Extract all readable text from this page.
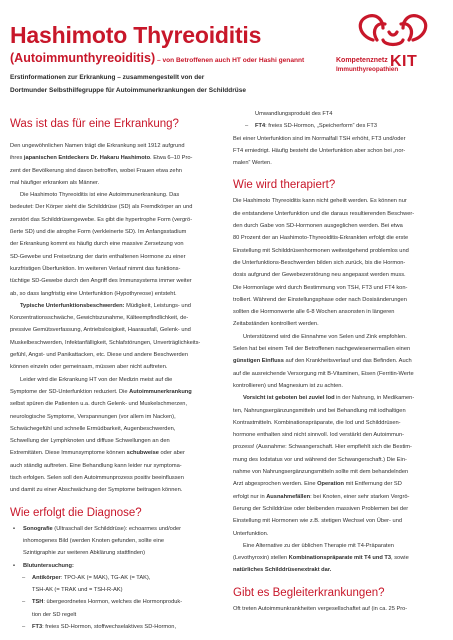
Hashimoto Thyreoiditis
(Autoimmunthyreoiditis) – von Betroffenen auch HT oder Hashi genannt
Erstinformationen zur Erkrankung – zusammengestellt von der
Dortmunder Selbsthilfegruppe für Autoimmunerkrankungen der Schilddrüse
KIT
Kompetenznetz
Immunthyreopathien
Was ist das für eine Erkrankung?
Den ungewöhnlichen Namen trägt die Erkrankung seit 1912 aufgrund
ihres japanischen Entdeckers Dr. Hakaru Hashimoto. Etwa 6–10 Pro-
zent der Bevölkerung sind davon betroffen, wobei Frauen etwa zehn
mal häufiger erkranken als Männer.
Die Hashimoto Thyreoiditis ist eine Autoimmunerkrankung. Das
bedeutet: Der Körper sieht die Schilddrüse (SD) als Fremdkörper an und
zerstört das Schilddrüsengewebe. Es gibt die hypertrophe Form (vergrö-
ßerte SD) und die atrophe Form (verkleinerte SD). Im Anfangsstadium
der Erkrankung kommt es häufig durch eine massive Zersetzung von
SD-Gewebe und Freisetzung der darin enthaltenen Hormone zu einer
kurzfristigen Überfunktion. Im weiteren Verlauf nimmt das funktions-
tüchtige SD-Gewebe durch den Angriff des Immunsystems immer weiter
ab, so dass langfristig eine Unterfunktion (Hypothyreose) entsteht.
Typische Unterfunktionsbeschwerden: Müdigkeit, Leistungs- und
Konzentrationsschwäche, Gewichtszunahme, Kälteempfindlichkeit, de-
pressive Gemütsverfassung, Antriebslosigkeit, Haarausfall, Gelenk- und
Muskelbeschwerden, Infektanfälligkeit, Schlafstörungen, Unverträglichkeits-
gefühl, Angst- und Panikattacken, etc. Diese und andere Beschwerden
können einzeln oder gemeinsam, müssen aber nicht auftreten.
Leider wird die Erkrankung HT von der Medizin meist auf die
Symptome der SD-Unterfunktion reduziert. Die Autoimmunerkrankung
selbst spüren die Patienten u.a. durch Gelenk- und Muskelschmerzen,
neurologische Symptome, Verspannungen (vor allem im Nacken),
Schwächegefühl und schnelle Ermüdbarkeit, Augenbeschwerden,
Schwellung der Lymphknoten und diffuse Schwellungen an den
Extremitäten. Diese Immunsymptome können schubweise oder aber
auch ständig auftreten. Eine Behandlung kann leider nur symptoma-
tisch erfolgen. Selen soll den Autoimmunprozess positiv beeinflussen
und damit zu einer Abschwächung der Symptome beitragen können.
Wie erfolgt die Diagnose?
• Sonografie (Ultraschall der Schilddrüse): echoarmes und/oder
inhomogenes Bild (werden Knoten gefunden, sollte eine
Szintigraphie zur weiteren Abklärung stattfinden)
• Blutuntersuchung:
– Antikörper: TPO-AK (= MAK), TG-AK (= TAK),
TSH-AK (= TRAK und = TSH-R-AK)
– TSH: übergeordnetes Hormon, welches die Hormonproduk-
tion der SD regelt
– FT3: freies SD-Hormon, stoffwechselaktives SD-Hormon,
Umwandlungsprodukt des FT4
– FT4: freies SD-Hormon, „Speicherform“ des FT3
Bei einer Unterfunktion sind im Normalfall TSH erhöht, FT3 und/oder
FT4 erniedrigt. Häufig besteht die Unterfunktion aber schon bei „nor-
malen“ Werten.
Wie wird therapiert?
Die Hashimoto Thyreoiditis kann nicht geheilt werden. Es können nur
die entstandene Unterfunktion und die daraus resultierenden Beschwer-
den durch Gabe von SD-Hormonen ausgeglichen werden. Bei etwa
80 Prozent der an Hashimoto-Thyreoiditis-Erkrankten erfolgt die erste
Einstellung mit Schilddrüsenhormonen weitestgehend problemlos und
die Unterfunktions-Beschwerden bilden sich zurück, bis die Hormon-
dosis aufgrund der Gewebezerstörung neu angepasst werden muss.
Die Hormonlage wird durch Bestimmung von TSH, FT3 und FT4 kon-
trolliert. Während der Einstellungsphase oder nach Dosisänderungen
sollten die Hormonwerte alle 6-8 Wochen ansonsten in längeren
Zeitabständen kontrolliert werden.
Unterstützend wird die Einnahme von Selen und Zink empfohlen.
Selen hat bei einem Teil der Betroffenen nachgewiesenermaßen einen
günstigen Einfluss auf den Krankheitsverlauf und das Befinden. Auch
auf die ausreichende Versorgung mit B-Vitaminen, Eisen (Ferritin-Werte
kontrollieren) und Magnesium ist zu achten.
Vorsicht ist geboten bei zuviel Iod in der Nahrung, in Medikamen-
ten, Nahrungsergänzungsmitteln und bei Behandlung mit iodhaltigen
Kontrastmitteln. Kombinationspräparate, die Iod und Schilddrüsen-
hormone enthalten sind nicht sinnvoll. Iod verstärkt den Autoimmun-
prozess! (Ausnahme: Schwangerschaft. Hier empfiehlt sich die Bestim-
mung des Iodstatus vor und während der Schwangerschaft.) Die Ein-
nahme von Nahrungsergänzungsmitteln sollte mit dem behandelnden
Arzt abgesprochen werden. Eine Operation mit Entfernung der SD
erfolgt nur in Ausnahmefällen: bei Knoten, einer sehr starken Vergrö-
ßerung der Schilddrüse oder bleibenden massiven Problemen bei der
Einstellung mit Hormonen wie z.B. stetigen Wechsel von Über- und
Unterfunktion.
Eine Alternative zu der üblichen Therapie mit T4-Präparaten
(Levothyroxin) stellen Kombinationspräparate mit T4 und T3, sowie
natürliches Schilddrüsenextrakt dar.
Gibt es Begleiterkrankungen?
Oft treten Autoimmunkrankheiten vergesellschaftet auf (in ca. 25 Pro-
